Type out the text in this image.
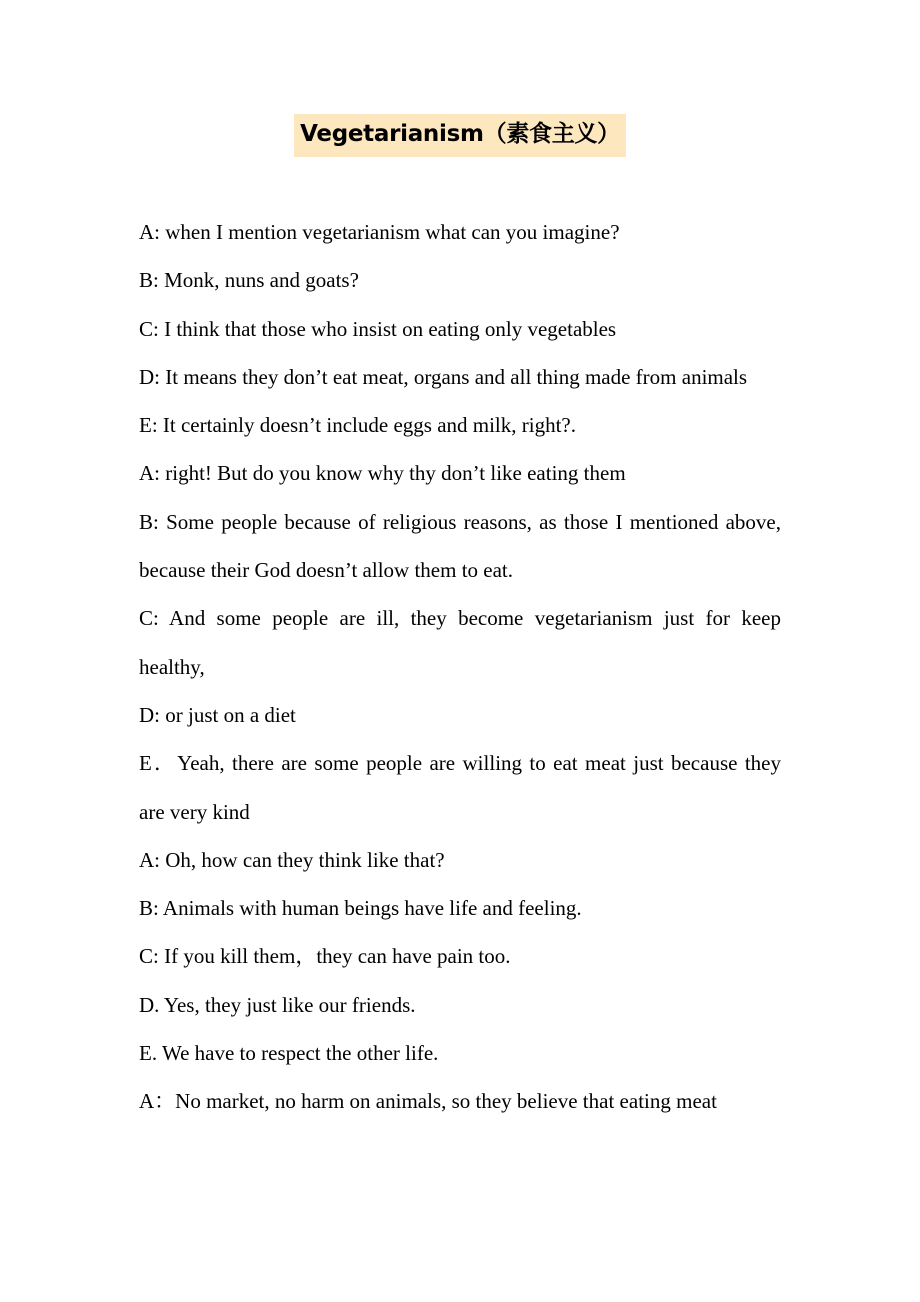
Vegetarianism（素食主义）

A: when I mention vegetarianism what can you imagine?

B: Monk, nuns and goats?

C: I think that those who insist on eating only vegetables

D: It means they don’t eat meat, organs and all thing made from animals

E: It certainly doesn’t include eggs and milk, right?.

A: right! But do you know why thy don’t like eating them

B: Some people because of religious reasons, as those I mentioned above, because their God doesn’t allow them to eat.

C: And some people are ill, they become vegetarianism just for keep healthy,

D: or just on a diet

E．Yeah, there are some people are willing to eat meat just because they are very kind

A: Oh, how can they think like that?

B: Animals with human beings have life and feeling.

C: If you kill them，they can have pain too.

D. Yes, they just like our friends.

E. We have to respect the other life.

A：No market, no harm on animals, so they believe that eating meat
